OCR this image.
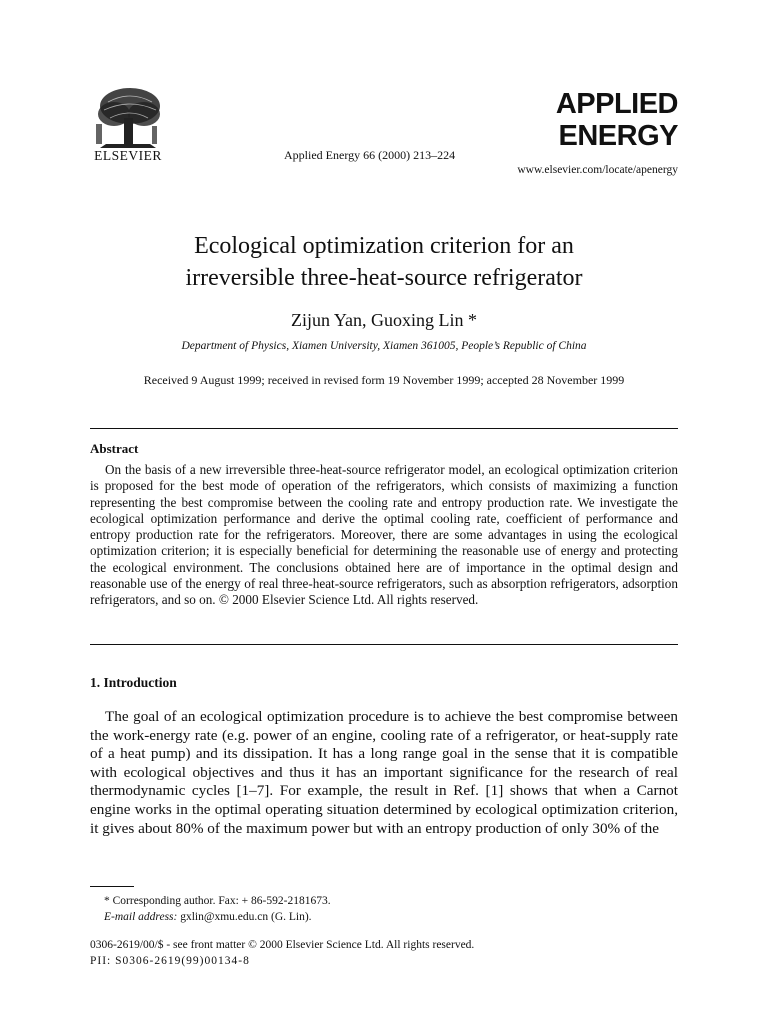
ELSEVIER	Applied Energy 66 (2000) 213–224
APPLIED
ENERGY
www.elsevier.com/locate/apenergy
Ecological optimization criterion for an
irreversible three-heat-source refrigerator
Zijun Yan, Guoxing Lin *
Department of Physics, Xiamen University, Xiamen 361005, People’s Republic of China
Received 9 August 1999; received in revised form 19 November 1999; accepted 28 November 1999
Abstract
On the basis of a new irreversible three-heat-source refrigerator model, an ecological optimization criterion is proposed for the best mode of operation of the refrigerators, which consists of maximizing a function representing the best compromise between the cooling rate and entropy production rate. We investigate the ecological optimization performance and derive the optimal cooling rate, coefficient of performance and entropy production rate for the refrigerators. Moreover, there are some advantages in using the ecological optimization criterion; it is especially beneficial for determining the reasonable use of energy and protecting the ecological environment. The conclusions obtained here are of importance in the optimal design and reasonable use of the energy of real three-heat-source refrigerators, such as absorption refrigerators, adsorption refrigerators, and so on. © 2000 Elsevier Science Ltd. All rights reserved.
1. Introduction
The goal of an ecological optimization procedure is to achieve the best compromise between the work-energy rate (e.g. power of an engine, cooling rate of a refrigerator, or heat-supply rate of a heat pump) and its dissipation. It has a long range goal in the sense that it is compatible with ecological objectives and thus it has an important significance for the research of real thermodynamic cycles [1–7]. For example, the result in Ref. [1] shows that when a Carnot engine works in the optimal operating situation determined by ecological optimization criterion, it gives about 80% of the maximum power but with an entropy production of only 30% of the
* Corresponding author. Fax: + 86-592-2181673.
E-mail address: gxlin@xmu.edu.cn (G. Lin).
0306-2619/00/$ - see front matter © 2000 Elsevier Science Ltd. All rights reserved.
PII: S0306-2619(99)00134-8
